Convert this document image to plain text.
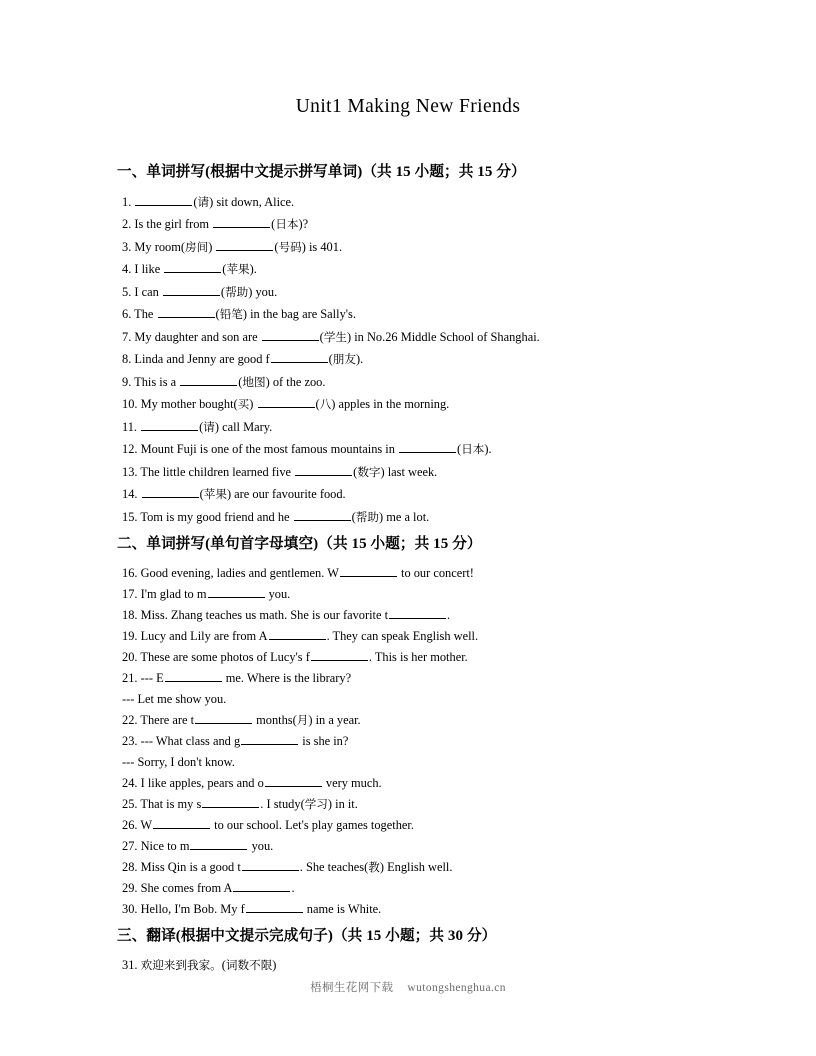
Unit1 Making New Friends
一、单词拼写(根据中文提示拼写单词)（共 15 小题；共 15 分）
1.	(请) sit down, Alice.
2. Is the girl from	(日本)?
3. My room(房间)	(号码) is 401.
4. I like	(苹果).
5. I can	(帮助) you.
6. The	(铅笔) in the bag are Sally's.
7. My daughter and son are	(学生) in No.26 Middle School of Shanghai.
8. Linda and Jenny are good f	(朋友).
9. This is a	(地图) of the zoo.
10. My mother bought(买)	(八) apples in the morning.
11.	(请) call Mary.
12. Mount Fuji is one of the most famous mountains in	(日本).
13. The little children learned five	(数字) last week.
14.	(苹果) are our favourite food.
15. Tom is my good friend and he	(帮助) me a lot.
二、单词拼写(单句首字母填空)（共 15 小题；共 15 分）
16. Good evening, ladies and gentlemen. W	to our concert!
17. I'm glad to m	you.
18. Miss. Zhang teaches us math. She is our favorite t	.
19. Lucy and Lily are from A	. They can speak English well.
20. These are some photos of Lucy's f	. This is her mother.
21. --- E	me. Where is the library?
--- Let me show you.
22. There are t	months(月) in a year.
23. --- What class and g	is she in?
--- Sorry, I don't know.
24. I like apples, pears and o	very much.
25. That is my s	. I study(学习) in it.
26. W	to our school. Let's play games together.
27. Nice to m	you.
28. Miss Qin is a good t	. She teaches(教) English well.
29. She comes from A	.
30. Hello, I'm Bob. My f	name is White.
三、翻译(根据中文提示完成句子)（共 15 小题；共 30 分）
31. 欢迎来到我家。(词数不限)
梧桐生花网下载 wutongshenghua.cn
